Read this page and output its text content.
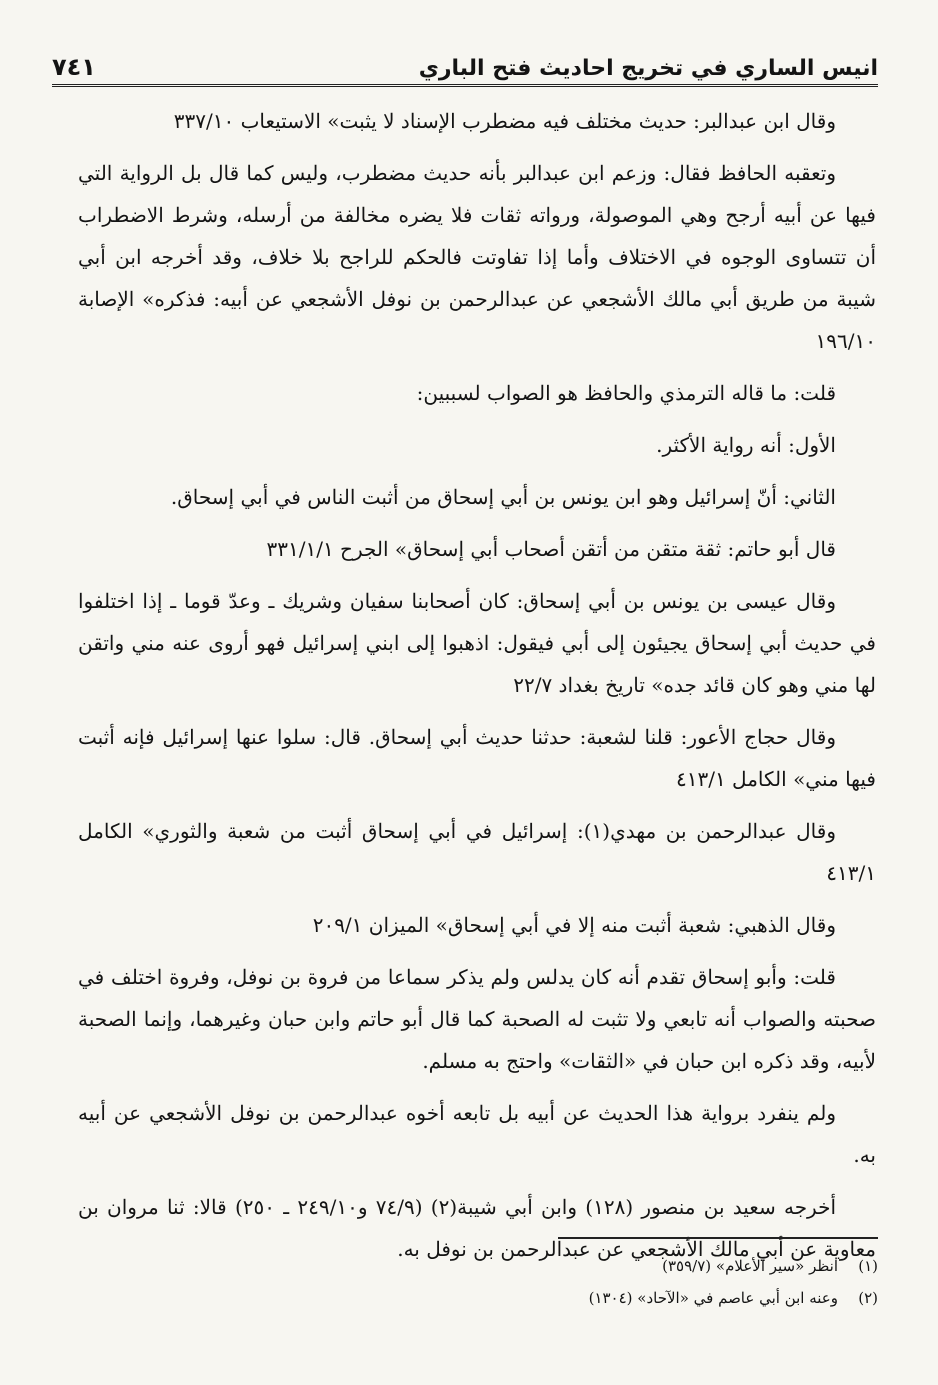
انيس الساري في تخريج احاديث فتح الباري
٧٤١

وقال ابن عبدالبر: حديث مختلف فيه مضطرب الإسناد لا يثبت» الاستيعاب ٣٣٧/١٠

وتعقبه الحافظ فقال: وزعم ابن عبدالبر بأنه حديث مضطرب، وليس كما قال بل الرواية التي فيها عن أبيه أرجح وهي الموصولة، ورواته ثقات فلا يضره مخالفة من أرسله، وشرط الاضطراب أن تتساوى الوجوه في الاختلاف وأما إذا تفاوتت فالحكم للراجح بلا خلاف، وقد أخرجه ابن أبي شيبة من طريق أبي مالك الأشجعي عن عبدالرحمن بن نوفل الأشجعي عن أبيه: فذكره» الإصابة ١٩٦/١٠

قلت: ما قاله الترمذي والحافظ هو الصواب لسببين:

الأول: أنه رواية الأكثر.

الثاني: أنّ إسرائيل وهو ابن يونس بن أبي إسحاق من أثبت الناس في أبي إسحاق.

قال أبو حاتم: ثقة متقن من أتقن أصحاب أبي إسحاق» الجرح ٣٣١/١/١

وقال عيسى بن يونس بن أبي إسحاق: كان أصحابنا سفيان وشريك ـ وعدّ قوما ـ إذا اختلفوا في حديث أبي إسحاق يجيئون إلى أبي فيقول: اذهبوا إلى ابني إسرائيل فهو أروى عنه مني واتقن لها مني وهو كان قائد جده» تاريخ بغداد ٢٢/٧

وقال حجاج الأعور: قلنا لشعبة: حدثنا حديث أبي إسحاق. قال: سلوا عنها إسرائيل فإنه أثبت فيها مني» الكامل ٤١٣/١

وقال عبدالرحمن بن مهدي(١): إسرائيل في أبي إسحاق أثبت من شعبة والثوري» الكامل ٤١٣/١

وقال الذهبي: شعبة أثبت منه إلا في أبي إسحاق» الميزان ٢٠٩/١

قلت: وأبو إسحاق تقدم أنه كان يدلس ولم يذكر سماعا من فروة بن نوفل، وفروة اختلف في صحبته والصواب أنه تابعي ولا تثبت له الصحبة كما قال أبو حاتم وابن حبان وغيرهما، وإنما الصحبة لأبيه، وقد ذكره ابن حبان في «الثقات» واحتج به مسلم.

ولم ينفرد برواية هذا الحديث عن أبيه بل تابعه أخوه عبدالرحمن بن نوفل الأشجعي عن أبيه به.

أخرجه سعيد بن منصور (١٢٨) وابن أبي شيبة(٢) (٧٤/٩ و٢٤٩/١٠ ـ ٢٥٠) قالا: ثنا مروان بن معاوية عن أبي مالك الأشجعي عن عبدالرحمن بن نوفل به.

(١)
انظر «سير الأعلام» (٣٥٩/٧)
(٢)
وعنه ابن أبي عاصم في «الآحاد» (١٣٠٤)
